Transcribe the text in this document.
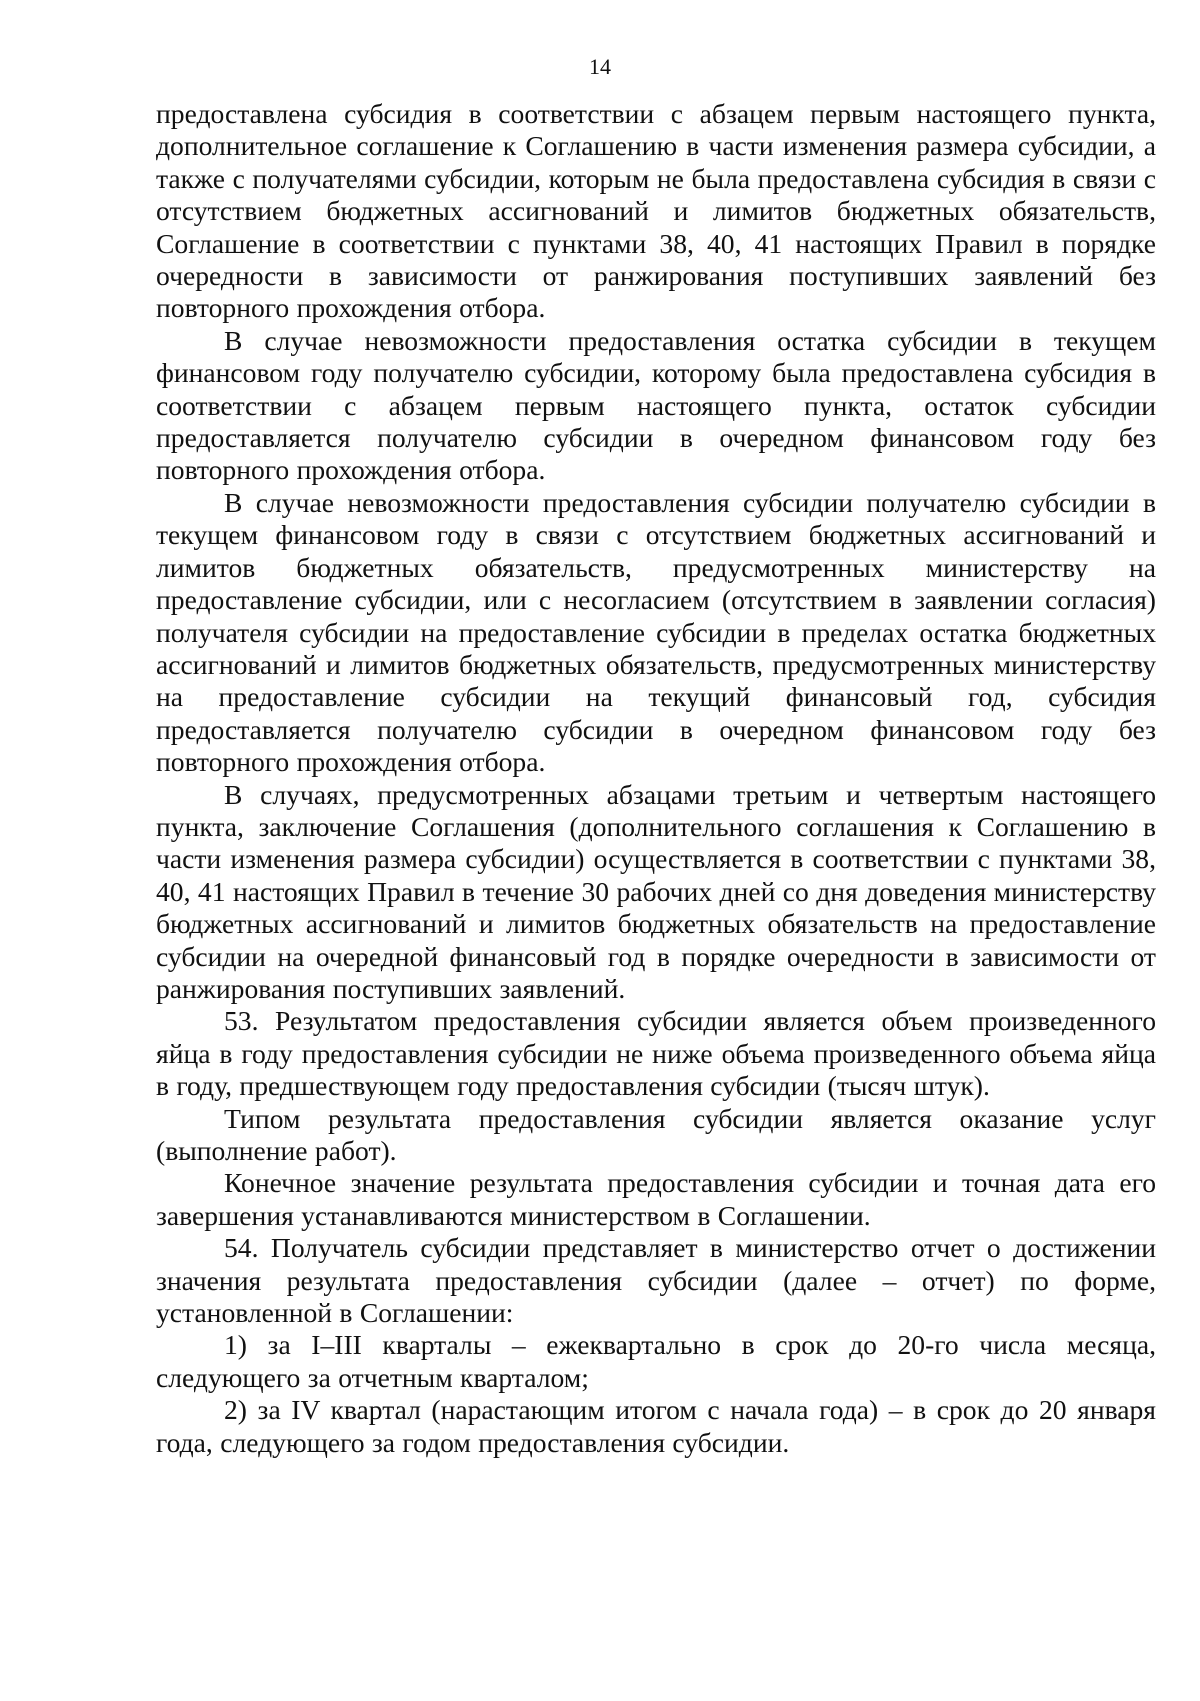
14

предоставлена субсидия в соответствии с абзацем первым настоящего пункта, дополнительное соглашение к Соглашению в части изменения размера субсидии, а также с получателями субсидии, которым не была предоставлена субсидия в связи с отсутствием бюджетных ассигнований и лимитов бюджетных обязательств, Соглашение в соответствии с пунктами 38, 40, 41 настоящих Правил в порядке очередности в зависимости от ранжирования поступивших заявлений без повторного прохождения отбора.

В случае невозможности предоставления остатка субсидии в текущем финансовом году получателю субсидии, которому была предоставлена субсидия в соответствии с абзацем первым настоящего пункта, остаток субсидии предоставляется получателю субсидии в очередном финансовом году без повторного прохождения отбора.

В случае невозможности предоставления субсидии получателю субсидии в текущем финансовом году в связи с отсутствием бюджетных ассигнований и лимитов бюджетных обязательств, предусмотренных министерству на предоставление субсидии, или с несогласием (отсутствием в заявлении согласия) получателя субсидии на предоставление субсидии в пределах остатка бюджетных ассигнований и лимитов бюджетных обязательств, предусмотренных министерству на предоставление субсидии на текущий финансовый год, субсидия предоставляется получателю субсидии в очередном финансовом году без повторного прохождения отбора.

В случаях, предусмотренных абзацами третьим и четвертым настоящего пункта, заключение Соглашения (дополнительного соглашения к Соглашению в части изменения размера субсидии) осуществляется в соответствии с пунктами 38, 40, 41 настоящих Правил в течение 30 рабочих дней со дня доведения министерству бюджетных ассигнований и лимитов бюджетных обязательств на предоставление субсидии на очередной финансовый год в порядке очередности в зависимости от ранжирования поступивших заявлений.

53. Результатом предоставления субсидии является объем произведенного яйца в году предоставления субсидии не ниже объема произведенного объема яйца в году, предшествующем году предоставления субсидии (тысяч штук).

Типом результата предоставления субсидии является оказание услуг (выполнение работ).

Конечное значение результата предоставления субсидии и точная дата его завершения устанавливаются министерством в Соглашении.

54. Получатель субсидии представляет в министерство отчет о достижении значения результата предоставления субсидии (далее – отчет) по форме, установленной в Соглашении:

1) за I–III кварталы – ежеквартально в срок до 20-го числа месяца, следующего за отчетным кварталом;

2) за IV квартал (нарастающим итогом с начала года) – в срок до 20 января года, следующего за годом предоставления субсидии.
